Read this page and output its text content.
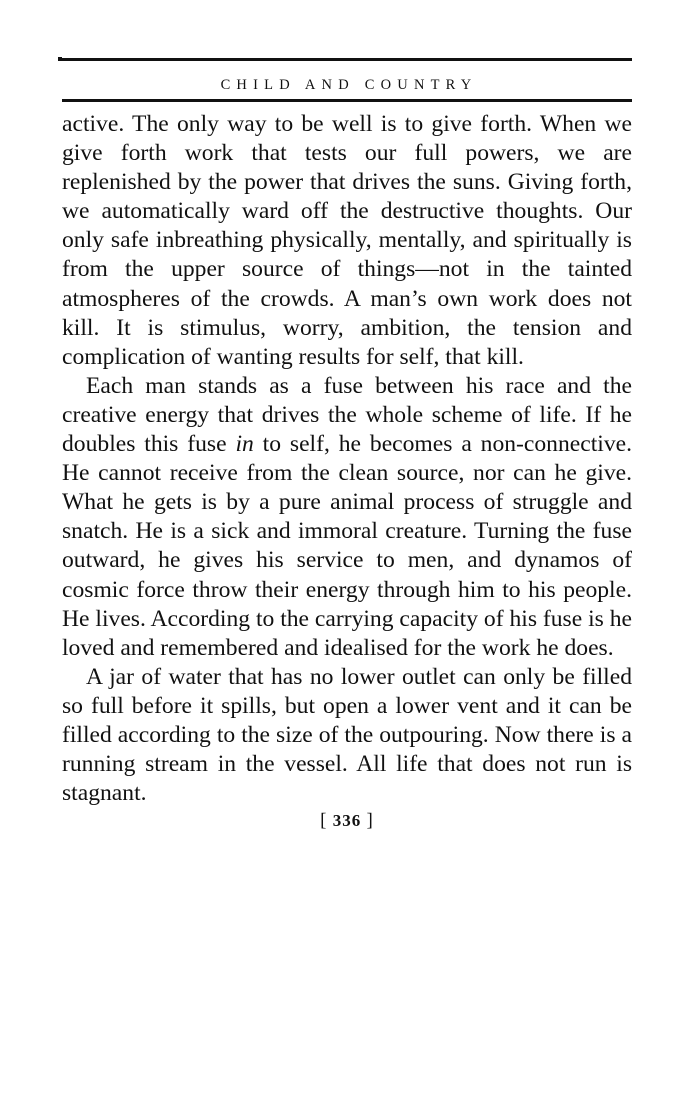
CHILD AND COUNTRY

active. The only way to be well is to give forth. When we give forth work that tests our full powers, we are replenished by the power that drives the suns. Giving forth, we automatically ward off the destructive thoughts. Our only safe inbreathing physically, mentally, and spiritually is from the upper source of things—not in the tainted atmospheres of the crowds. A man’s own work does not kill. It is stimulus, worry, ambition, the tension and complication of wanting results for self, that kill.

Each man stands as a fuse between his race and the creative energy that drives the whole scheme of life. If he doubles this fuse in to self, he becomes a non-connective. He cannot receive from the clean source, nor can he give. What he gets is by a pure animal process of struggle and snatch. He is a sick and immoral creature. Turning the fuse outward, he gives his service to men, and dynamos of cosmic force throw their energy through him to his people. He lives. According to the carrying capacity of his fuse is he loved and remembered and idealised for the work he does.

A jar of water that has no lower outlet can only be filled so full before it spills, but open a lower vent and it can be filled according to the size of the outpouring. Now there is a running stream in the vessel. All life that does not run is stagnant.

[ 336 ]
